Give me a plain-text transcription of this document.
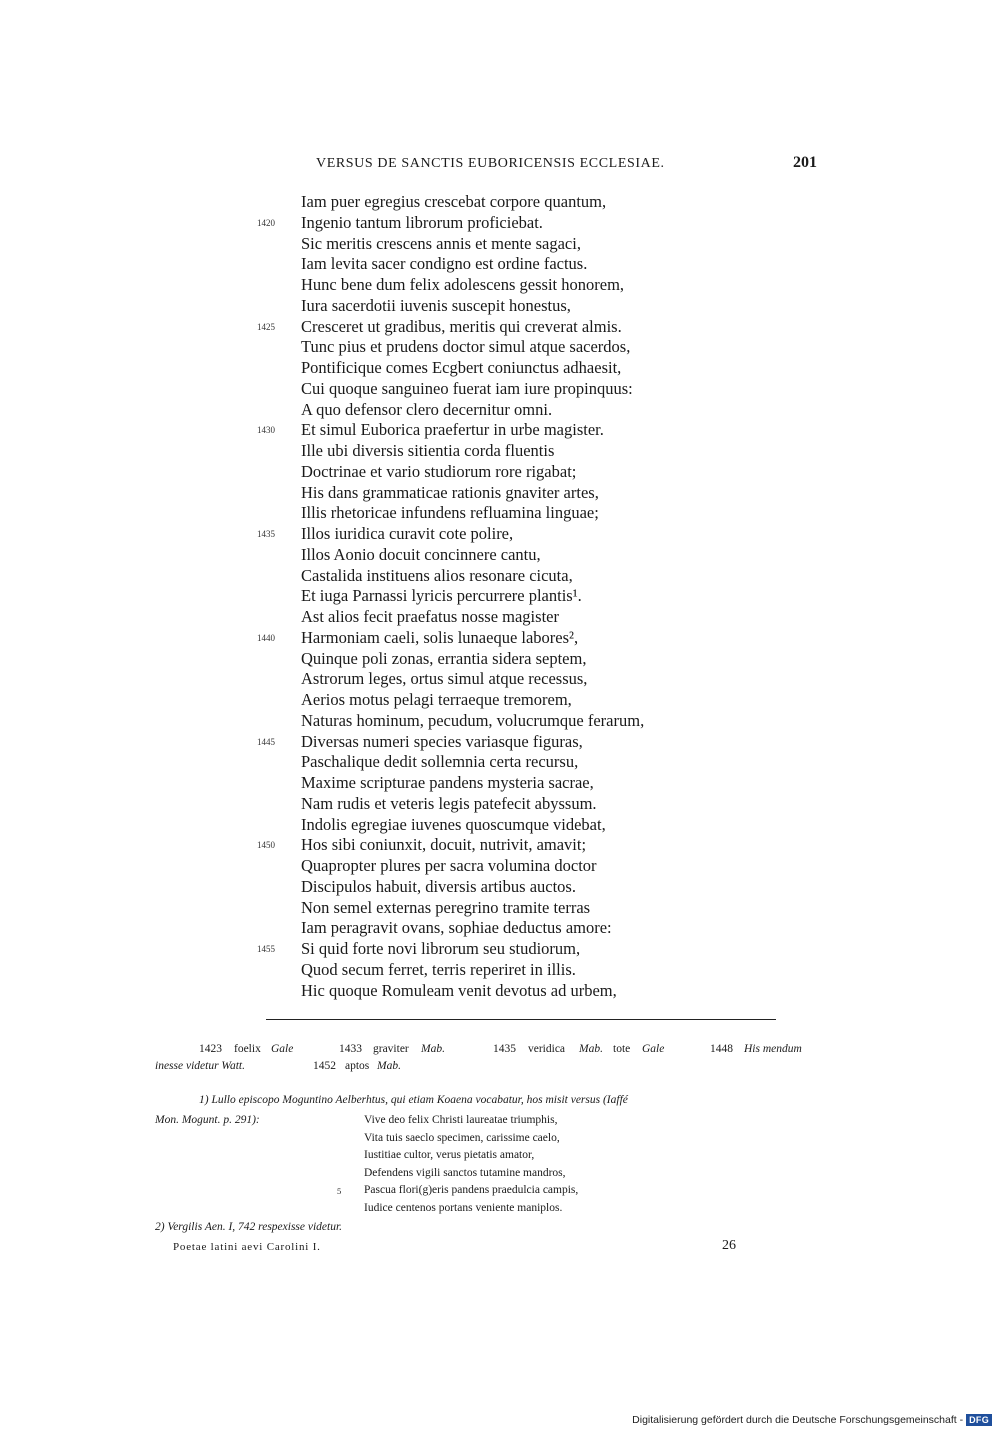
VERSUS DE SANCTIS EUBORICENSIS ECCLESIAE.	201
Iam puer egregius crescebat corpore quantum,
1420 Ingenio tantum librorum proficiebat.
Sic meritis crescens annis et mente sagaci,
Iam levita sacer condigno est ordine factus.
Hunc bene dum felix adolescens gessit honorem,
Iura sacerdotii iuvenis suscepit honestus,
1425 Cresceret ut gradibus, meritis qui creverat almis.
Tunc pius et prudens doctor simul atque sacerdos,
Pontificique comes Ecgbert coniunctus adhaesit,
Cui quoque sanguineo fuerat iam iure propinquus:
A quo defensor clero decernitur omni.
1430 Et simul Euborica praefertur in urbe magister.
Ille ubi diversis sitientia corda fluentis
Doctrinae et vario studiorum rore rigabat;
His dans grammaticae rationis gnaviter artes,
Illis rhetoricae infundens refluamina linguae;
1435 Illos iuridica curavit cote polire,
Illos Aonio docuit concinnere cantu,
Castalida instituens alios resonare cicuta,
Et iuga Parnassi lyricis percurrere plantis¹.
Ast alios fecit praefatus nosse magister
1440 Harmoniam caeli, solis lunaeque labores²,
Quinque poli zonas, errantia sidera septem,
Astrorum leges, ortus simul atque recessus,
Aerios motus pelagi terraeque tremorem,
Naturas hominum, pecudum, volucrumque ferarum,
1445 Diversas numeri species variasque figuras,
Paschalique dedit sollemnia certa recursu,
Maxime scripturae pandens mysteria sacrae,
Nam rudis et veteris legis patefecit abyssum.
Indolis egregiae iuvenes quoscumque videbat,
1450 Hos sibi coniunxit, docuit, nutrivit, amavit;
Quapropter plures per sacra volumina doctor
Discipulos habuit, diversis artibus auctos.
Non semel externas peregrino tramite terras
Iam peragravit ovans, sophiae deductus amore:
1455 Si quid forte novi librorum seu studiorum,
Quod secum ferret, terris reperiret in illis.
Hic quoque Romuleam venit devotus ad urbem,
1423 foelix Gale	1433 graviter Mab.	1435 veridica Mab. tote Gale	1448 His mendum
inesse videtur Watt.	1452 aptos Mab.
1) Lullo episcopo Moguntino Aelberhtus, qui etiam Koaena vocabatur, hos misit versus (Iaffé
Mon. Mogunt. p. 291):	Vive deo felix Christi laureatae triumphis,
Vita tuis saeclo specimen, carissime caelo,
Iustitiae cultor, verus pietatis amator,
Defendens vigili sanctos tutamine mandros,
5 Pascua flori(g)eris pandens praedulcia campis,
Iudice centenos portans veniente maniplos.
2) Vergilis Aen. I, 742 respexisse videtur.
Poetae latini aevi Carolini I.	26
Digitalisierung gefördert durch die Deutsche Forschungsgemeinschaft - DFG
